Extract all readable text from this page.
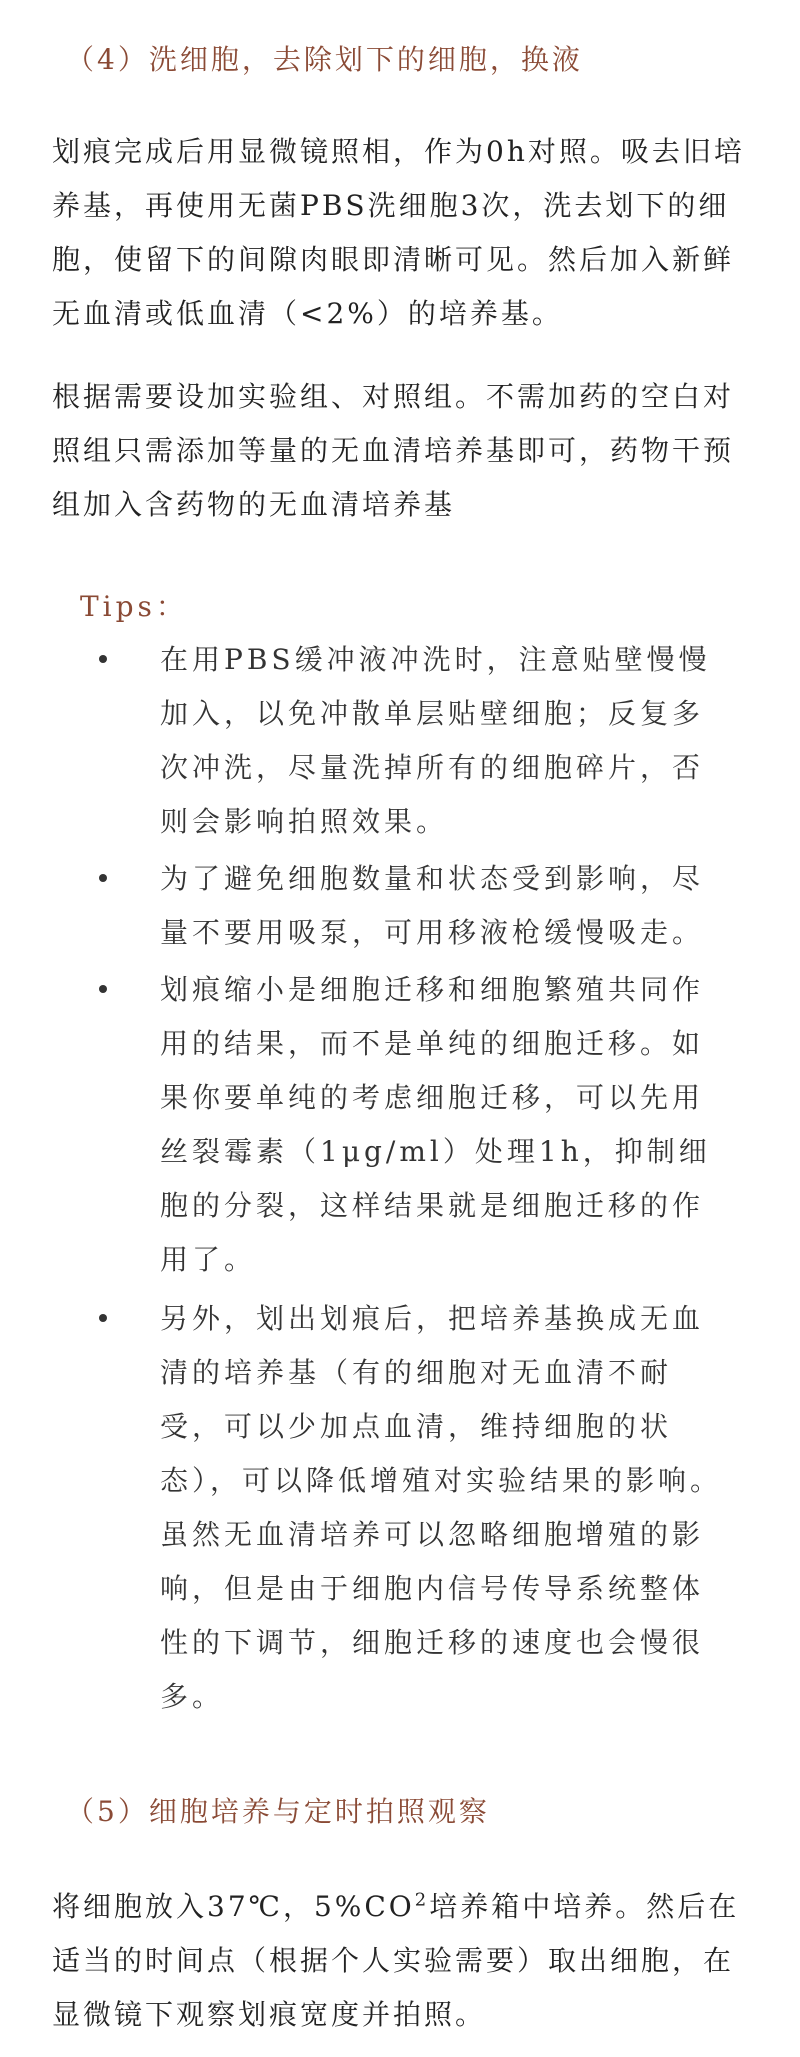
（4）洗细胞，去除划下的细胞，换液

划痕完成后用显微镜照相，作为0h对照。吸去旧培养基，再使用无菌PBS洗细胞3次，洗去划下的细胞，使留下的间隙肉眼即清晰可见。然后加入新鲜无血清或低血清（<2%）的培养基。

根据需要设加实验组、对照组。不需加药的空白对照组只需添加等量的无血清培养基即可，药物干预组加入含药物的无血清培养基

Tips：

在用PBS缓冲液冲洗时，注意贴壁慢慢加入，以免冲散单层贴壁细胞；反复多次冲洗，尽量洗掉所有的细胞碎片，否则会影响拍照效果。
为了避免细胞数量和状态受到影响，尽量不要用吸泵，可用移液枪缓慢吸走。
划痕缩小是细胞迁移和细胞繁殖共同作用的结果，而不是单纯的细胞迁移。如果你要单纯的考虑细胞迁移，可以先用丝裂霉素（1μg/ml）处理1h，抑制细胞的分裂，这样结果就是细胞迁移的作用了。
另外，划出划痕后，把培养基换成无血清的培养基（有的细胞对无血清不耐受，可以少加点血清，维持细胞的状态），可以降低增殖对实验结果的影响。虽然无血清培养可以忽略细胞增殖的影响，但是由于细胞内信号传导系统整体性的下调节，细胞迁移的速度也会慢很多。
（5）细胞培养与定时拍照观察

将细胞放入37℃，$5\%CO^2$培养箱中培养。然后在适当的时间点（根据个人实验需要）取出细胞，在显微镜下观察划痕宽度并拍照。
